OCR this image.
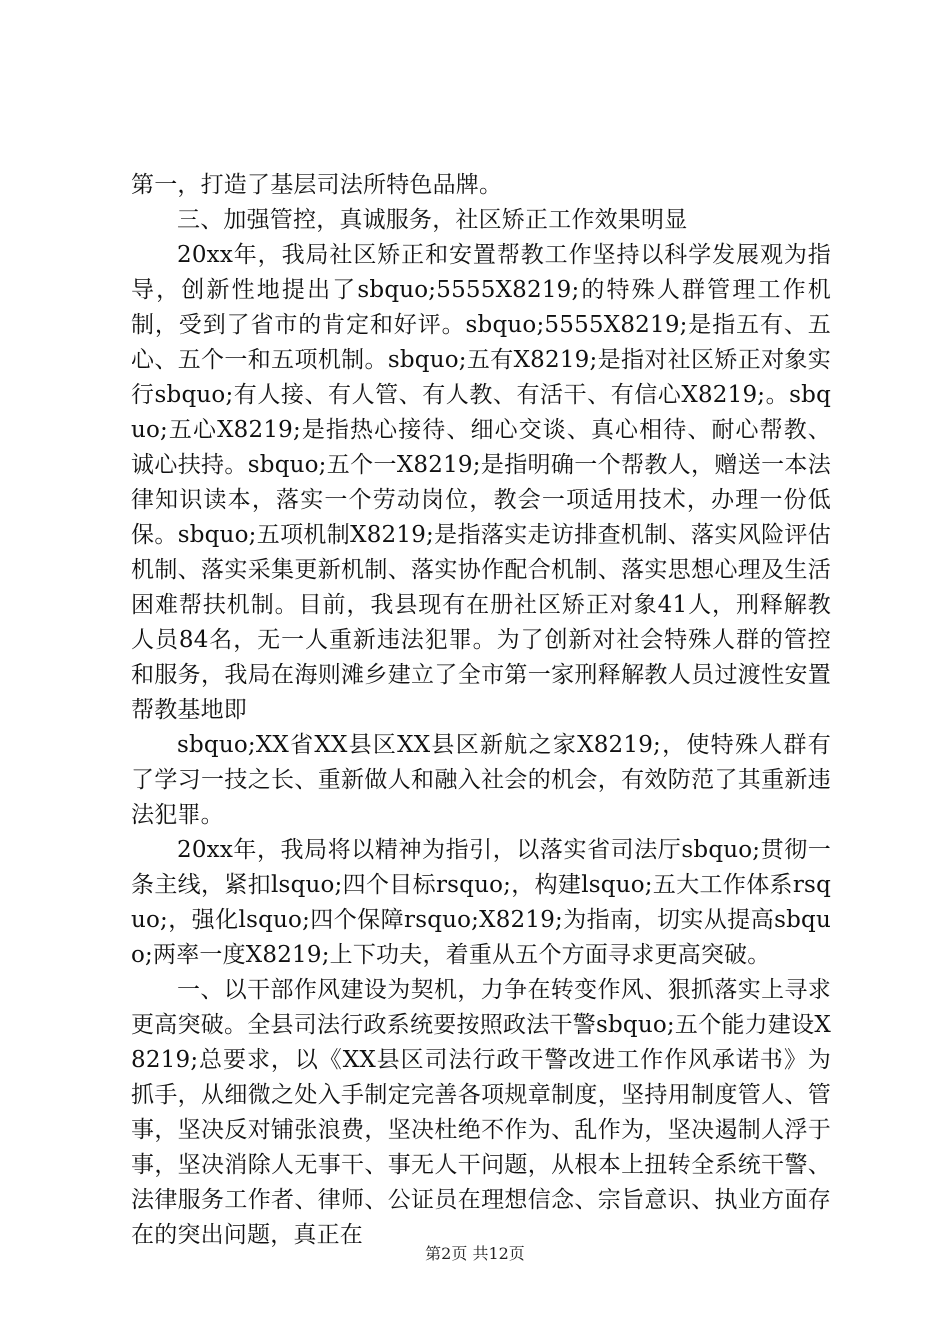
第一，打造了基层司法所特色品牌。

三、加强管控，真诚服务，社区矫正工作效果明显

20xx年，我局社区矫正和安置帮教工作坚持以科学发展观为指导，创新性地提出了sbquo;5555X8219;的特殊人群管理工作机制，受到了省市的肯定和好评。sbquo;5555X8219;是指五有、五心、五个一和五项机制。sbquo;五有X8219;是指对社区矫正对象实行sbquo;有人接、有人管、有人教、有活干、有信心X8219;。sbquo;五心X8219;是指热心接待、细心交谈、真心相待、耐心帮教、诚心扶持。sbquo;五个一X8219;是指明确一个帮教人，赠送一本法律知识读本，落实一个劳动岗位，教会一项适用技术，办理一份低保。sbquo;五项机制X8219;是指落实走访排查机制、落实风险评估机制、落实采集更新机制、落实协作配合机制、落实思想心理及生活困难帮扶机制。目前，我县现有在册社区矫正对象41人，刑释解教人员84名，无一人重新违法犯罪。为了创新对社会特殊人群的管控和服务，我局在海则滩乡建立了全市第一家刑释解教人员过渡性安置帮教基地即

sbquo;XX省XX县区XX县区新航之家X8219;，使特殊人群有了学习一技之长、重新做人和融入社会的机会，有效防范了其重新违法犯罪。

20xx年，我局将以精神为指引，以落实省司法厅sbquo;贯彻一条主线，紧扣lsquo;四个目标rsquo;，构建lsquo;五大工作体系rsquo;，强化lsquo;四个保障rsquo;X8219;为指南，切实从提高sbquo;两率一度X8219;上下功夫，着重从五个方面寻求更高突破。

一、以干部作风建设为契机，力争在转变作风、狠抓落实上寻求更高突破。全县司法行政系统要按照政法干警sbquo;五个能力建设X8219;总要求，以《XX县区司法行政干警改进工作作风承诺书》为抓手，从细微之处入手制定完善各项规章制度，坚持用制度管人、管事，坚决反对铺张浪费，坚决杜绝不作为、乱作为，坚决遏制人浮于事，坚决消除人无事干、事无人干问题，从根本上扭转全系统干警、法律服务工作者、律师、公证员在理想信念、宗旨意识、执业方面存在的突出问题，真正在

第2页 共12页
